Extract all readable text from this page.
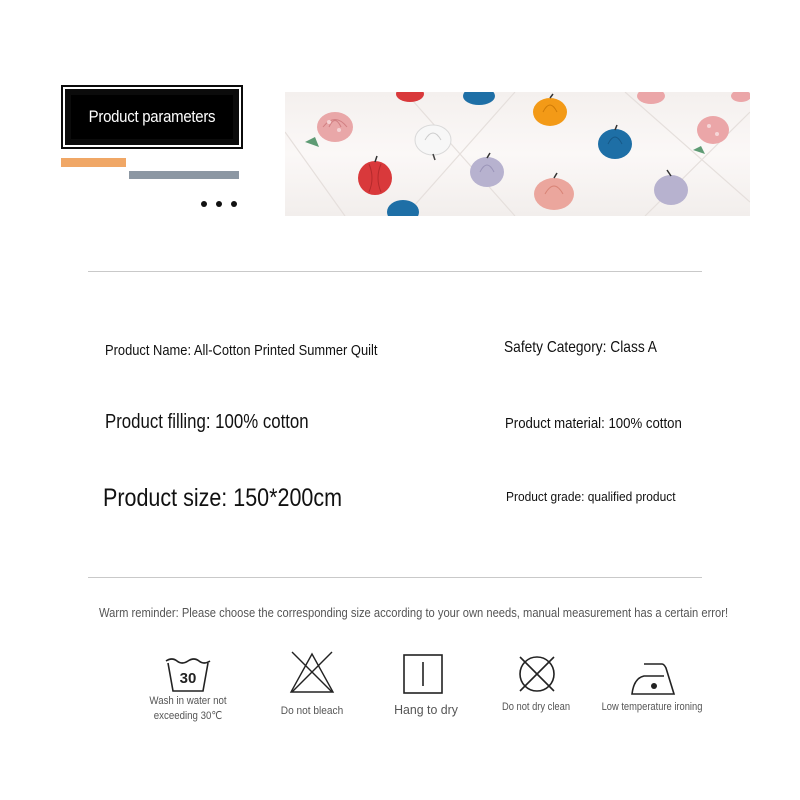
Product parameters
Product Name: All-Cotton Printed Summer Quilt	Safety Category: Class A
Product filling: 100% cotton	Product material: 100% cotton
Product size: 150*200cm	Product grade: qualified product
Warm reminder: Please choose the corresponding size according to your own needs, manual measurement has a certain error!
30
Wash in water not exceeding 30℃	Do not bleach	Hang to dry	Do not dry clean	Low temperature ironing
